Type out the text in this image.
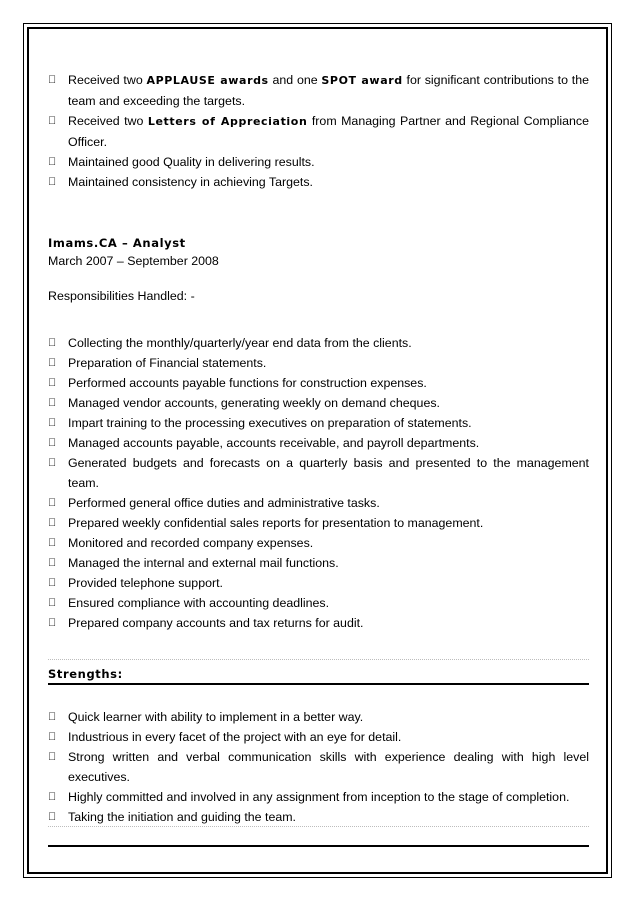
Received two APPLAUSE awards and one SPOT award for significant contributions to the team and exceeding the targets.
Received two Letters of Appreciation from Managing Partner and Regional Compliance Officer.
Maintained good Quality in delivering results.
Maintained consistency in achieving Targets.
Imams.CA – Analyst
March 2007 – September 2008
Responsibilities Handled: -
Collecting the monthly/quarterly/year end data from the clients.
Preparation of Financial statements.
Performed accounts payable functions for construction expenses.
Managed vendor accounts, generating weekly on demand cheques.
Impart training to the processing executives on preparation of statements.
Managed accounts payable, accounts receivable, and payroll departments.
Generated budgets and forecasts on a quarterly basis and presented to the management team.
Performed general office duties and administrative tasks.
Prepared weekly confidential sales reports for presentation to management.
Monitored and recorded company expenses.
Managed the internal and external mail functions.
Provided telephone support.
Ensured compliance with accounting deadlines.
Prepared company accounts and tax returns for audit.
Strengths:
Quick learner with ability to implement in a better way.
Industrious in every facet of the project with an eye for detail.
Strong written and verbal communication skills with experience dealing with high level executives.
Highly committed and involved in any assignment from inception to the stage of completion.
Taking the initiation and guiding the team.
